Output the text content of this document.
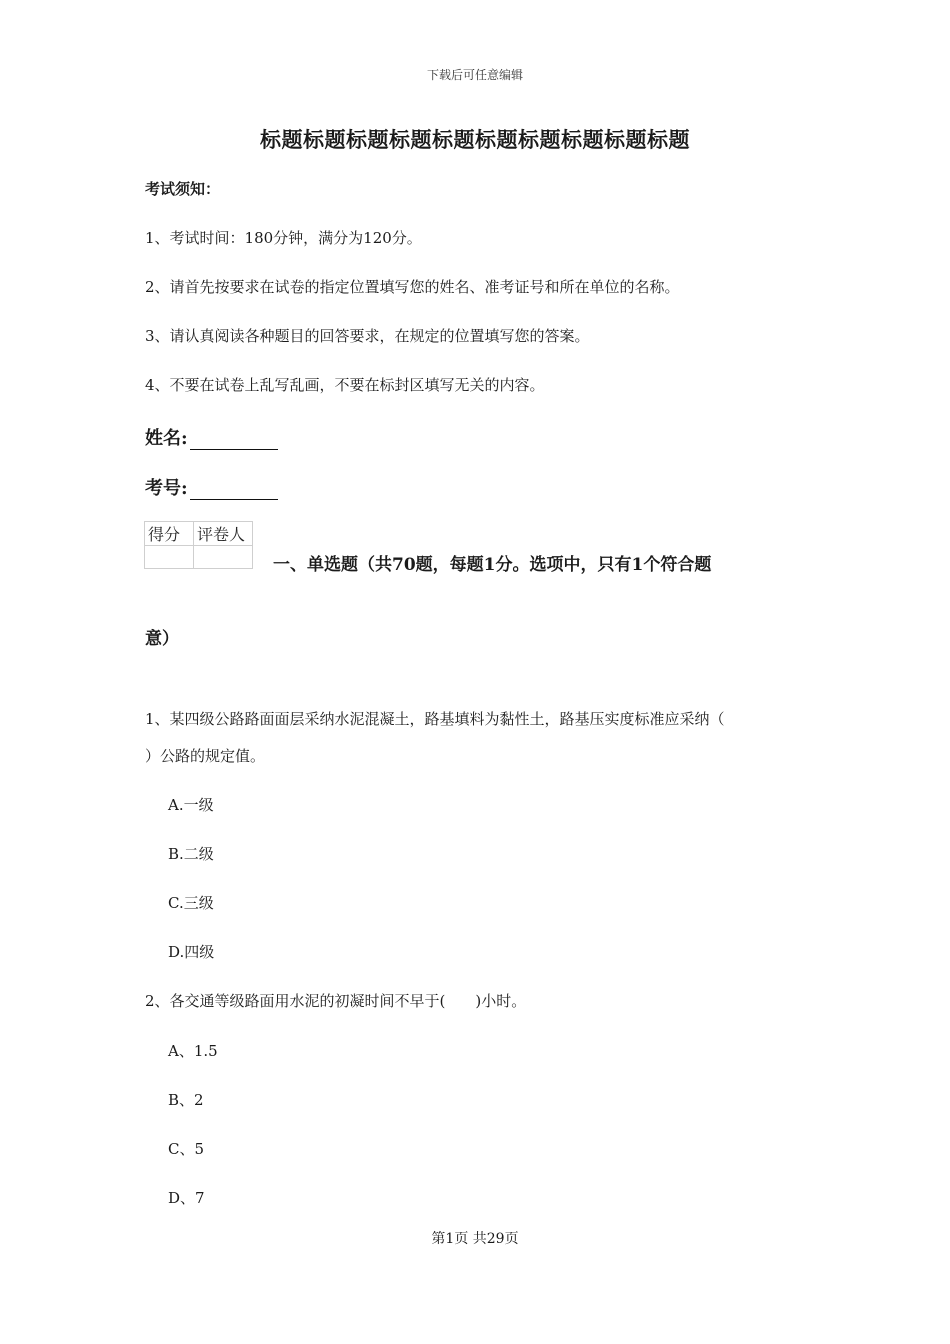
下载后可任意编辑
标题标题标题标题标题标题标题标题标题标题
考试须知：
1、考试时间：180分钟，满分为120分。
2、请首先按要求在试卷的指定位置填写您的姓名、准考证号和所在单位的名称。
3、请认真阅读各种题目的回答要求，在规定的位置填写您的答案。
4、不要在试卷上乱写乱画，不要在标封区填写无关的内容。
姓名:
考号:
得分	评卷人

一、单选题（共70题，每题1分。选项中，只有1个符合题
意）
1、某四级公路路面面层采纳水泥混凝土，路基填料为黏性土，路基压实度标准应采纳（
）公路的规定值。
A.一级
B.二级
C.三级
D.四级
2、各交通等级路面用水泥的初凝时间不早于(　　)小时。
A、1.5
B、2
C、5
D、7
第1页 共29页
